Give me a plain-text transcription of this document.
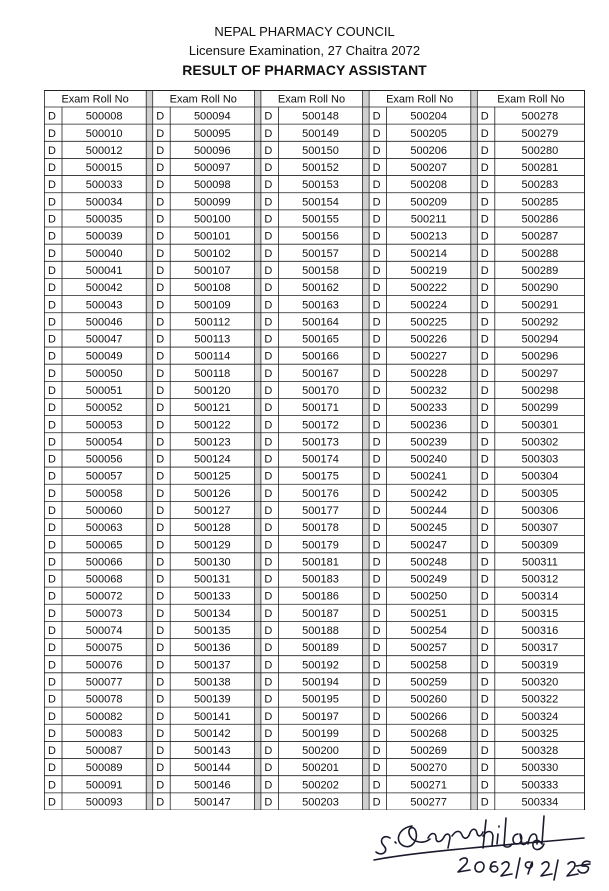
NEPAL PHARMACY COUNCIL
Licensure Examination, 27 Chaitra 2072
RESULT OF PHARMACY ASSISTANT
Exam Roll No
D	500008
D	500010
D	500012
D	500015
D	500033
D	500034
D	500035
D	500039
D	500040
D	500041
D	500042
D	500043
D	500046
D	500047
D	500049
D	500050
D	500051
D	500052
D	500053
D	500054
D	500056
D	500057
D	500058
D	500060
D	500063
D	500065
D	500066
D	500068
D	500072
D	500073
D	500074
D	500075
D	500076
D	500077
D	500078
D	500082
D	500083
D	500087
D	500089
D	500091
D	500093
Exam Roll No
D	500094
D	500095
D	500096
D	500097
D	500098
D	500099
D	500100
D	500101
D	500102
D	500107
D	500108
D	500109
D	500112
D	500113
D	500114
D	500118
D	500120
D	500121
D	500122
D	500123
D	500124
D	500125
D	500126
D	500127
D	500128
D	500129
D	500130
D	500131
D	500133
D	500134
D	500135
D	500136
D	500137
D	500138
D	500139
D	500141
D	500142
D	500143
D	500144
D	500146
D	500147
Exam Roll No
D	500148
D	500149
D	500150
D	500152
D	500153
D	500154
D	500155
D	500156
D	500157
D	500158
D	500162
D	500163
D	500164
D	500165
D	500166
D	500167
D	500170
D	500171
D	500172
D	500173
D	500174
D	500175
D	500176
D	500177
D	500178
D	500179
D	500181
D	500183
D	500186
D	500187
D	500188
D	500189
D	500192
D	500194
D	500195
D	500197
D	500199
D	500200
D	500201
D	500202
D	500203
Exam Roll No
D	500204
D	500205
D	500206
D	500207
D	500208
D	500209
D	500211
D	500213
D	500214
D	500219
D	500222
D	500224
D	500225
D	500226
D	500227
D	500228
D	500232
D	500233
D	500236
D	500239
D	500240
D	500241
D	500242
D	500244
D	500245
D	500247
D	500248
D	500249
D	500250
D	500251
D	500254
D	500257
D	500258
D	500259
D	500260
D	500266
D	500268
D	500269
D	500270
D	500271
D	500277
Exam Roll No
D	500278
D	500279
D	500280
D	500281
D	500283
D	500285
D	500286
D	500287
D	500288
D	500289
D	500290
D	500291
D	500292
D	500294
D	500296
D	500297
D	500298
D	500299
D	500301
D	500302
D	500303
D	500304
D	500305
D	500306
D	500307
D	500309
D	500311
D	500312
D	500314
D	500315
D	500316
D	500317
D	500319
D	500320
D	500322
D	500324
D	500325
D	500328
D	500330
D	500333
D	500334
